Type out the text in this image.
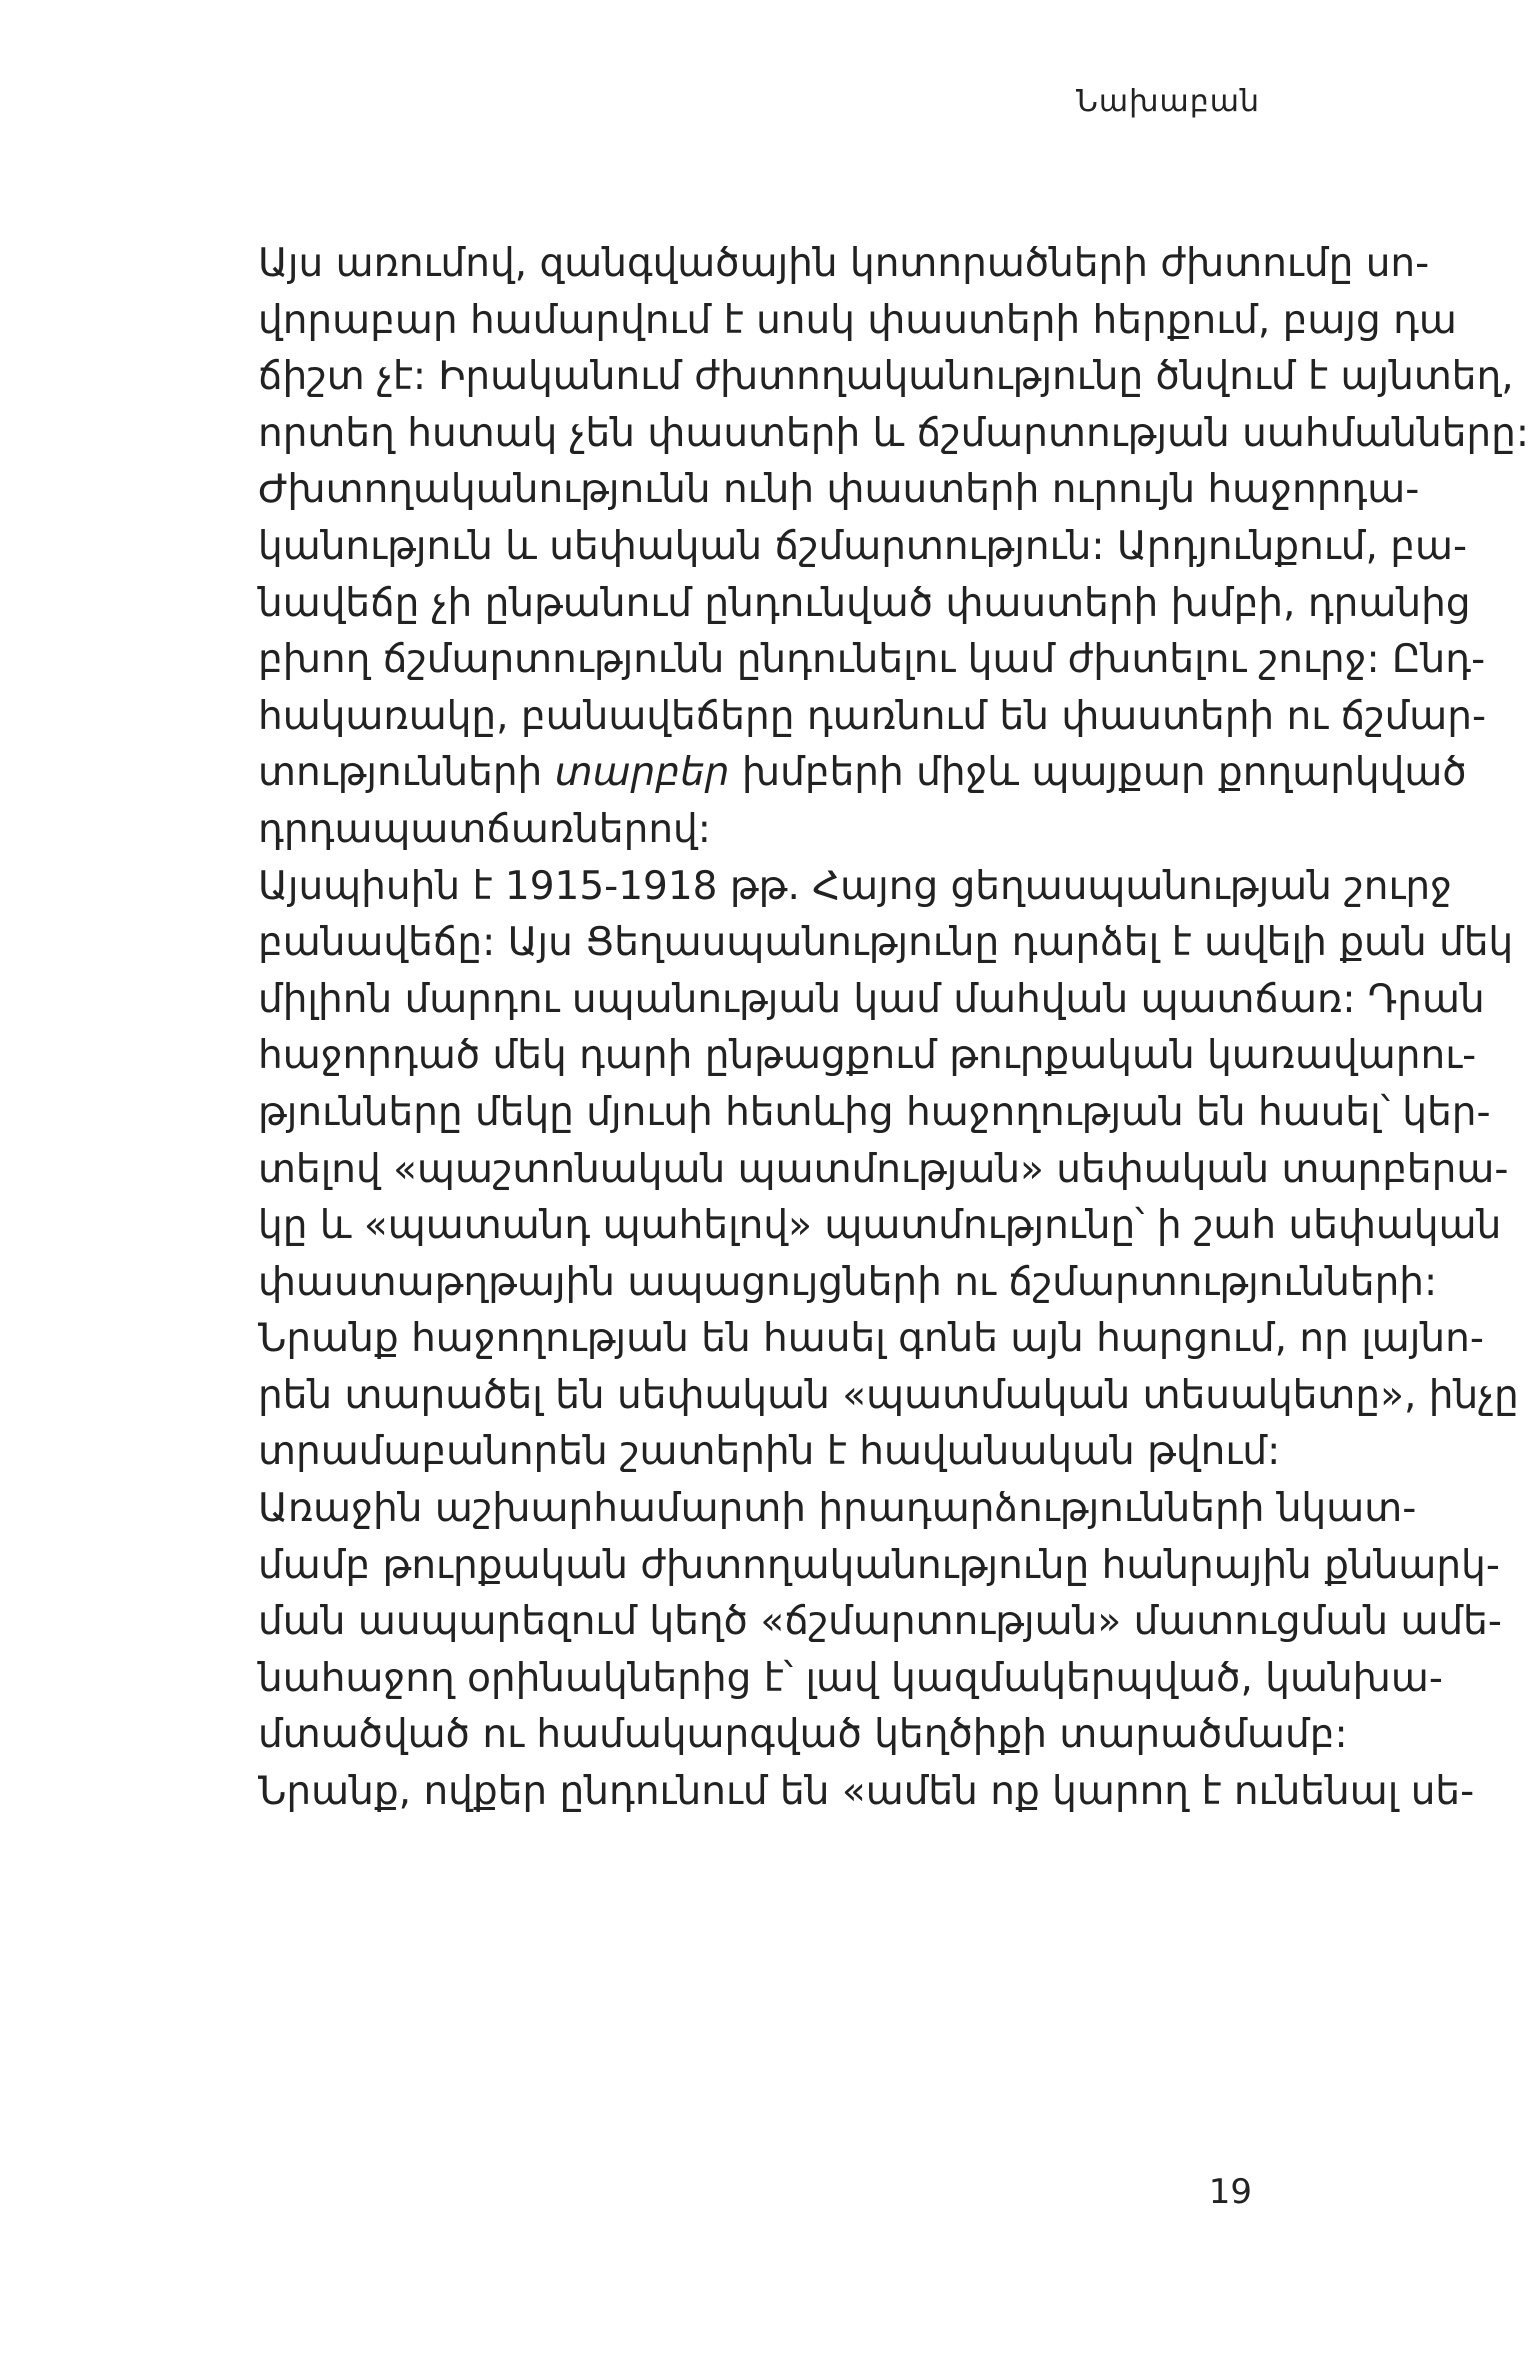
Նախաբան
Այս առումով, զանգվածային կոտորածների ժխտումը սո-
վորաբար համարվում է սոսկ փաստերի հերքում, բայց դա
ճիշտ չէ: Իրականում ժխտողականությունը ծնվում է այնտեղ,
որտեղ հստակ չեն փաստերի և ճշմարտության սահմանները:
Ժխտողականությունն ունի փաստերի ուրույն հաջորդա-
կանություն և սեփական ճշմարտություն: Արդյունքում, բա-
նավեճը չի ընթանում ընդունված փաստերի խմբի, դրանից
բխող ճշմարտությունն ընդունելու կամ ժխտելու շուրջ: Ընդ-
հակառակը, բանավեճերը դառնում են փաստերի ու ճշմար-
տությունների տարբեր խմբերի միջև պայքար քողարկված
դրդապատճառներով:
Այսպիսին է 1915-1918 թթ. Հայոց ցեղասպանության շուրջ
բանավեճը: Այս Ցեղասպանությունը դարձել է ավելի քան մեկ
միլիոն մարդու սպանության կամ մահվան պատճառ: Դրան
հաջորդած մեկ դարի ընթացքում թուրքական կառավարու-
թյունները մեկը մյուսի հետևից հաջողության են հասել՝ կեր-
տելով «պաշտոնական պատմության» սեփական տարբերա-
կը և «պատանդ պահելով» պատմությունը՝ ի շահ սեփական
փաստաթղթային ապացույցների ու ճշմարտությունների:
Նրանք հաջողության են հասել գոնե այն հարցում, որ լայնո-
րեն տարածել են սեփական «պատմական տեսակետը», ինչը
տրամաբանորեն շատերին է հավանական թվում:
Առաջին աշխարհամարտի իրադարձությունների նկատ-
մամբ թուրքական ժխտողականությունը հանրային քննարկ-
ման ասպարեզում կեղծ «ճշմարտության» մատուցման ամե-
նահաջող օրինակներից է՝ լավ կազմակերպված, կանխա-
մտածված ու համակարգված կեղծիքի տարածմամբ:
Նրանք, ովքեր ընդունում են «ամեն ոք կարող է ունենալ սե-
19
